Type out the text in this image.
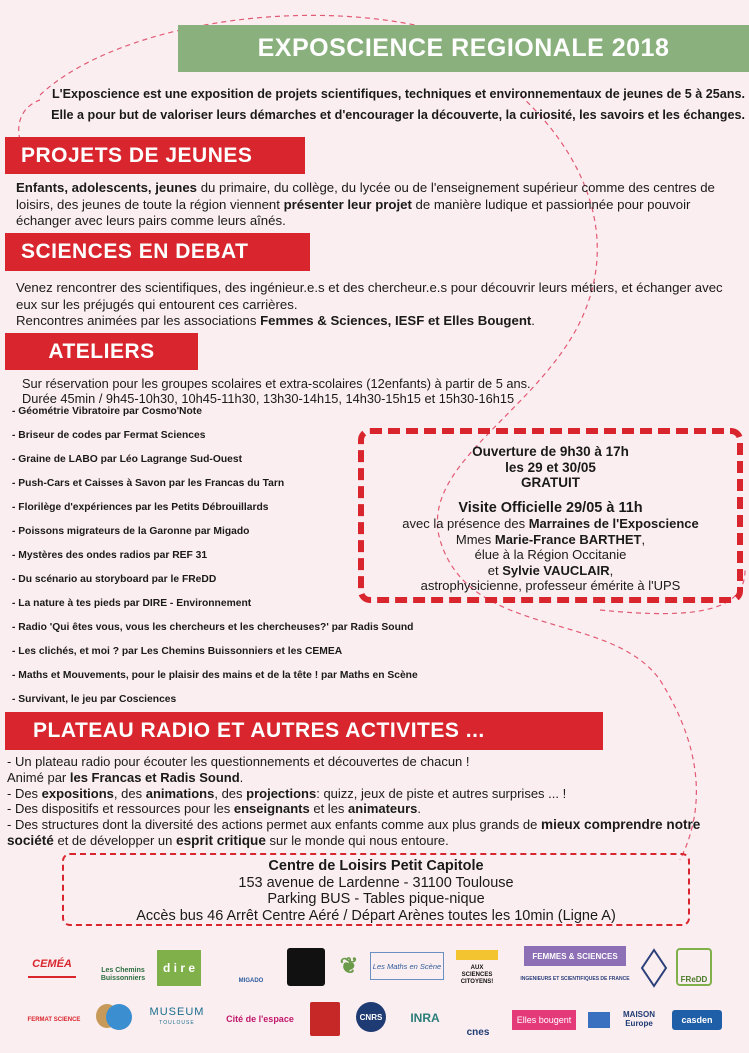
EXPOSCIENCE REGIONALE 2018
L'Exposcience est une exposition de projets scientifiques, techniques et environnementaux de jeunes de 5 à 25ans.
Elle a pour but de valoriser leurs démarches et d'encourager la découverte, la curiosité, les savoirs et les échanges.
PROJETS DE JEUNES
Enfants, adolescents, jeunes du primaire, du collège, du lycée ou de l'enseignement supérieur comme des centres de loisirs, des jeunes de toute la région viennent présenter leur projet de manière ludique et passionnée pour pouvoir échanger avec leurs pairs comme leurs aînés.
SCIENCES EN DEBAT
Venez rencontrer des scientifiques, des ingénieur.e.s et des chercheur.e.s pour découvrir leurs métiers, et échanger avec eux sur les préjugés qui entourent ces carrières.
Rencontres animées par les associations Femmes & Sciences, IESF et Elles Bougent.
ATELIERS
Sur réservation pour les groupes scolaires et extra-scolaires (12enfants) à partir de 5 ans.
Durée 45min / 9h45-10h30, 10h45-11h30, 13h30-14h15, 14h30-15h15 et 15h30-16h15
- Géométrie Vibratoire par Cosmo'Note
- Briseur de codes par Fermat Sciences
- Graine de LABO par Léo Lagrange Sud-Ouest
- Push-Cars et Caisses à Savon par les Francas du Tarn
- Florilège d'expériences par les Petits Débrouillards
- Poissons migrateurs de la Garonne par Migado
- Mystères des ondes radios par REF 31
- Du scénario au storyboard par le FReDD
- La nature à tes pieds par DIRE - Environnement
- Radio 'Qui êtes vous, vous les chercheurs et les chercheuses?' par Radis Sound
- Les clichés, et moi ? par Les Chemins Buissonniers et les CEMEA
- Maths et Mouvements, pour le plaisir des mains et de la tête ! par Maths en Scène
- Survivant, le jeu par Cosciences
Ouverture de 9h30 à 17h
les 29 et 30/05
GRATUIT
Visite Officielle 29/05 à 11h
avec la présence des Marraines de l'Exposcience
Mmes Marie-France BARTHET,
élue à la Région Occitanie
et Sylvie VAUCLAIR,
astrophysicienne, professeur émérite à l'UPS
PLATEAU RADIO ET AUTRES ACTIVITES ...
- Un plateau radio pour écouter les questionnements et découvertes de chacun !
Animé par les Francas et Radis Sound.
- Des expositions, des animations, des projections: quizz, jeux de piste et autres surprises ... !
- Des dispositifs et ressources pour les enseignants et les animateurs.
- Des structures dont la diversité des actions permet aux enfants comme aux plus grands de mieux comprendre notre société et de développer un esprit critique sur le monde qui nous entoure.
Centre de Loisirs Petit Capitole
153 avenue de Lardenne - 31100 Toulouse
Parking BUS - Tables pique-nique
Accès bus 46 Arrêt Centre Aéré / Départ Arènes toutes les 10min (Ligne A)
CEMÉA
Les Chemins Buissonniers
d i r e
MIGADO
❦	Les Maths en Scène	AUX SCIENCES CITOYENS!
FEMMES & SCIENCES
INGENIEURS ET SCIENTIFIQUES DE FRANCE	FReDD
FERMAT SCIENCE
MUSEUM
TOULOUSE	Cité de l'espace	CNRS	INRA
cnes
Elles bougent
MAISON Europe	casden
